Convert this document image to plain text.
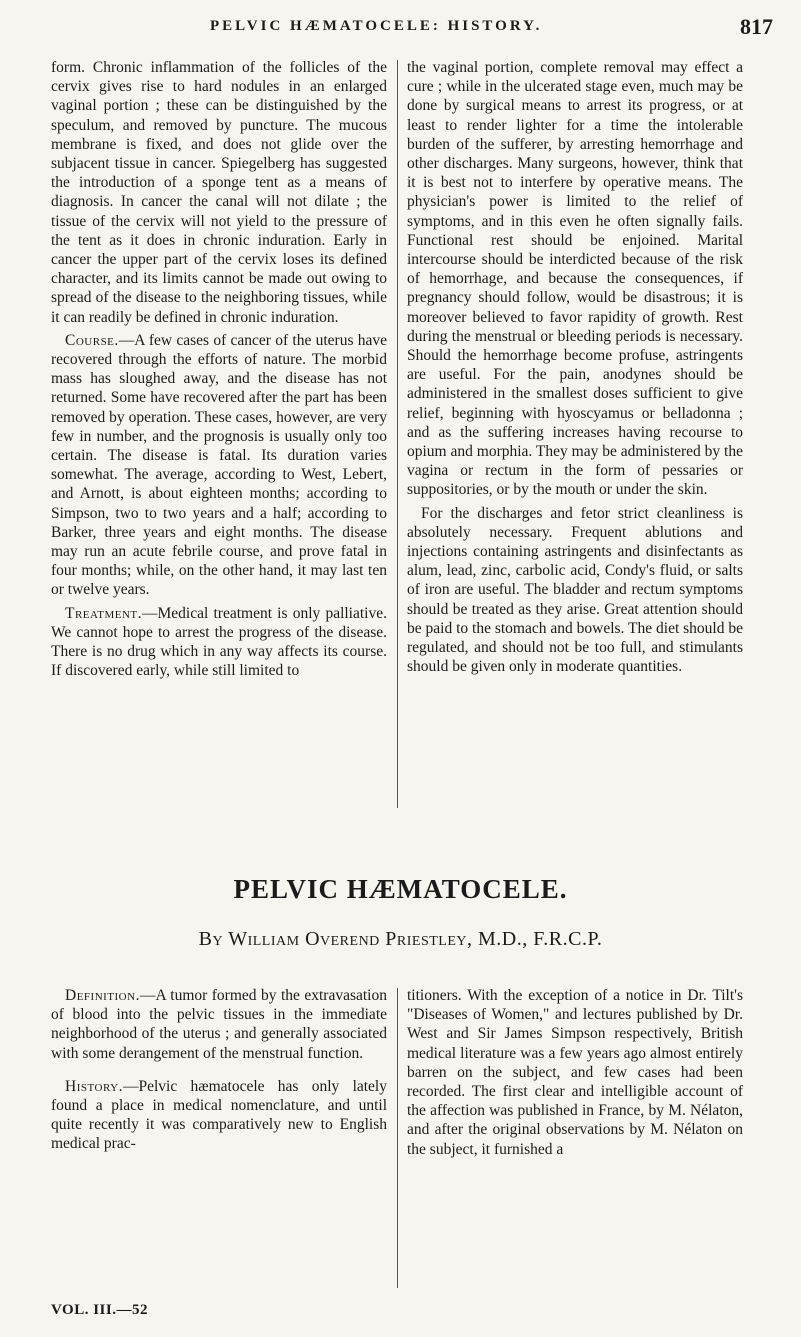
PELVIC HÆMATOCELE: HISTORY.	817

form. Chronic inflammation of the follicles of the cervix gives rise to hard nodules in an enlarged vaginal portion ; these can be distinguished by the speculum, and removed by puncture. The mucous membrane is fixed, and does not glide over the subjacent tissue in cancer. Spiegelberg has suggested the introduction of a sponge tent as a means of diagnosis. In cancer the canal will not dilate ; the tissue of the cervix will not yield to the pressure of the tent as it does in chronic induration. Early in cancer the upper part of the cervix loses its defined character, and its limits cannot be made out owing to spread of the disease to the neighboring tissues, while it can readily be defined in chronic induration.

Course.—A few cases of cancer of the uterus have recovered through the efforts of nature. The morbid mass has sloughed away, and the disease has not returned. Some have recovered after the part has been removed by operation. These cases, however, are very few in number, and the prognosis is usually only too certain. The disease is fatal. Its duration varies somewhat. The average, according to West, Lebert, and Arnott, is about eighteen months; according to Simpson, two to two years and a half; according to Barker, three years and eight months. The disease may run an acute febrile course, and prove fatal in four months; while, on the other hand, it may last ten or twelve years.

Treatment.—Medical treatment is only palliative. We cannot hope to arrest the progress of the disease. There is no drug which in any way affects its course. If discovered early, while still limited to

the vaginal portion, complete removal may effect a cure ; while in the ulcerated stage even, much may be done by surgical means to arrest its progress, or at least to render lighter for a time the intolerable burden of the sufferer, by arresting hemorrhage and other discharges. Many surgeons, however, think that it is best not to interfere by operative means. The physician's power is limited to the relief of symptoms, and in this even he often signally fails. Functional rest should be enjoined. Marital intercourse should be interdicted because of the risk of hemorrhage, and because the consequences, if pregnancy should follow, would be disastrous; it is moreover believed to favor rapidity of growth. Rest during the menstrual or bleeding periods is necessary. Should the hemorrhage become profuse, astringents are useful. For the pain, anodynes should be administered in the smallest doses sufficient to give relief, beginning with hyoscyamus or belladonna ; and as the suffering increases having recourse to opium and morphia. They may be administered by the vagina or rectum in the form of pessaries or suppositories, or by the mouth or under the skin.

For the discharges and fetor strict cleanliness is absolutely necessary. Frequent ablutions and injections containing astringents and disinfectants as alum, lead, zinc, carbolic acid, Condy's fluid, or salts of iron are useful. The bladder and rectum symptoms should be treated as they arise. Great attention should be paid to the stomach and bowels. The diet should be regulated, and should not be too full, and stimulants should be given only in moderate quantities.

PELVIC HÆMATOCELE.
By William Overend Priestley, M.D., F.R.C.P.

Definition.—A tumor formed by the extravasation of blood into the pelvic tissues in the immediate neighborhood of the uterus ; and generally associated with some derangement of the menstrual function.

History.—Pelvic hæmatocele has only lately found a place in medical nomenclature, and until quite recently it was comparatively new to English medical prac-

titioners. With the exception of a notice in Dr. Tilt's "Diseases of Women," and lectures published by Dr. West and Sir James Simpson respectively, British medical literature was a few years ago almost entirely barren on the subject, and few cases had been recorded. The first clear and intelligible account of the affection was published in France, by M. Nélaton, and after the original observations by M. Nélaton on the subject, it furnished a

VOL. III.—52
